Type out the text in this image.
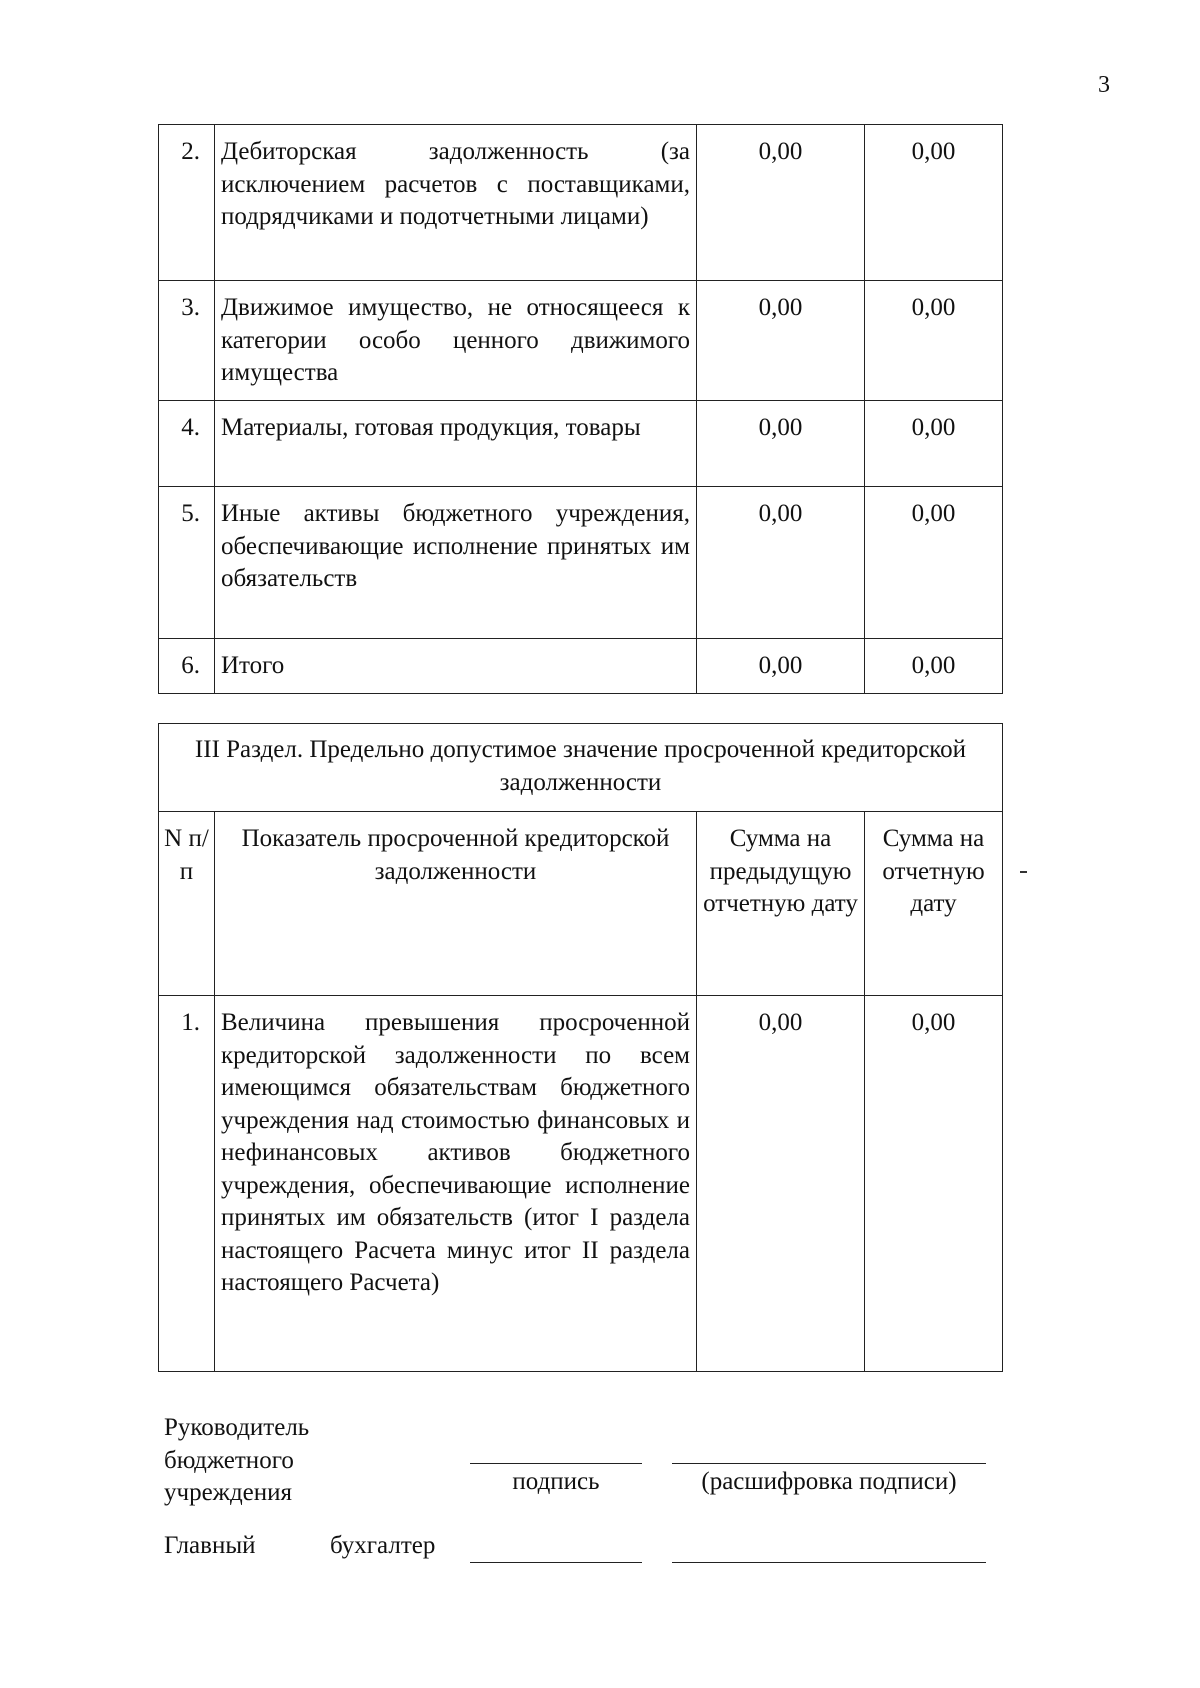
3
2.	Дебиторская задолженность (за исключением расчетов с поставщиками, подрядчиками и подотчетными лицами)	0,00	0,00
3.	Движимое имущество, не относящееся к категории особо ценного движимого имущества	0,00	0,00
4.	Материалы, готовая продукция, товары	0,00	0,00
5.	Иные активы бюджетного учреждения, обеспечивающие исполнение принятых им обязательств	0,00	0,00
6.	Итого	0,00	0,00
III Раздел. Предельно допустимое значение просроченной кредиторской задолженности			
N п/п	Показатель просроченной кредиторской задолженности	Сумма на предыдущую отчетную дату	Сумма на отчетную дату
1.	Величина превышения просроченной кредиторской задолженности по всем имеющимся обязательствам бюджетного учреждения над стоимостью финансовых и нефинансовых активов бюджетного учреждения, обеспечивающие исполнение принятых им обязательств (итог I раздела настоящего Расчета минус итог II раздела настоящего Расчета)	0,00	0,00
Руководитель бюджетного учреждения	подпись	(расшифровка подписи)
Главный	бухгалтер
